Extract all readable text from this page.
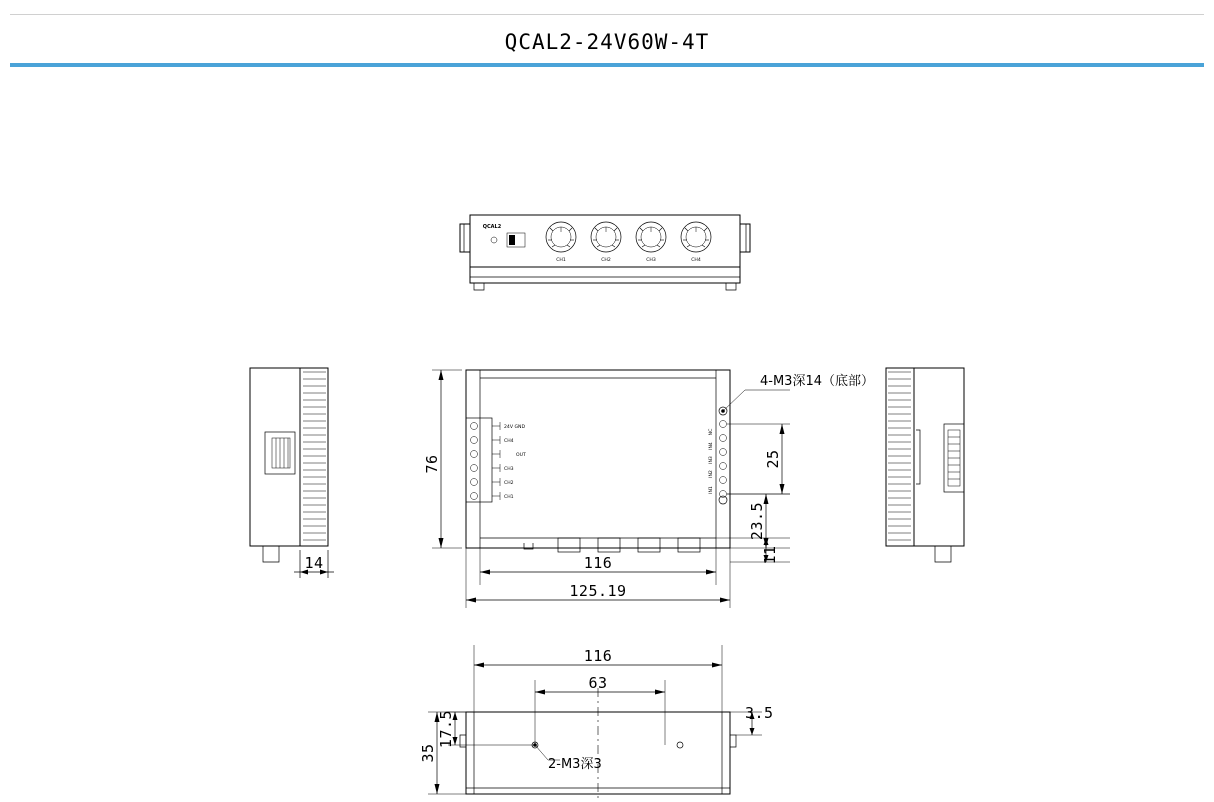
QCAL2-24V60W-4T
QCAL2
CH1	CH2	CH3	CH4
14
24V GND
CH4
OUT
CH3
CH2
CH1
NC
IN4
IN3
IN2
IN1
4-M3深14（底部）
76
116
125.19
25
23.5
11
116
63
35
17.5	3.5
2-M3深3
